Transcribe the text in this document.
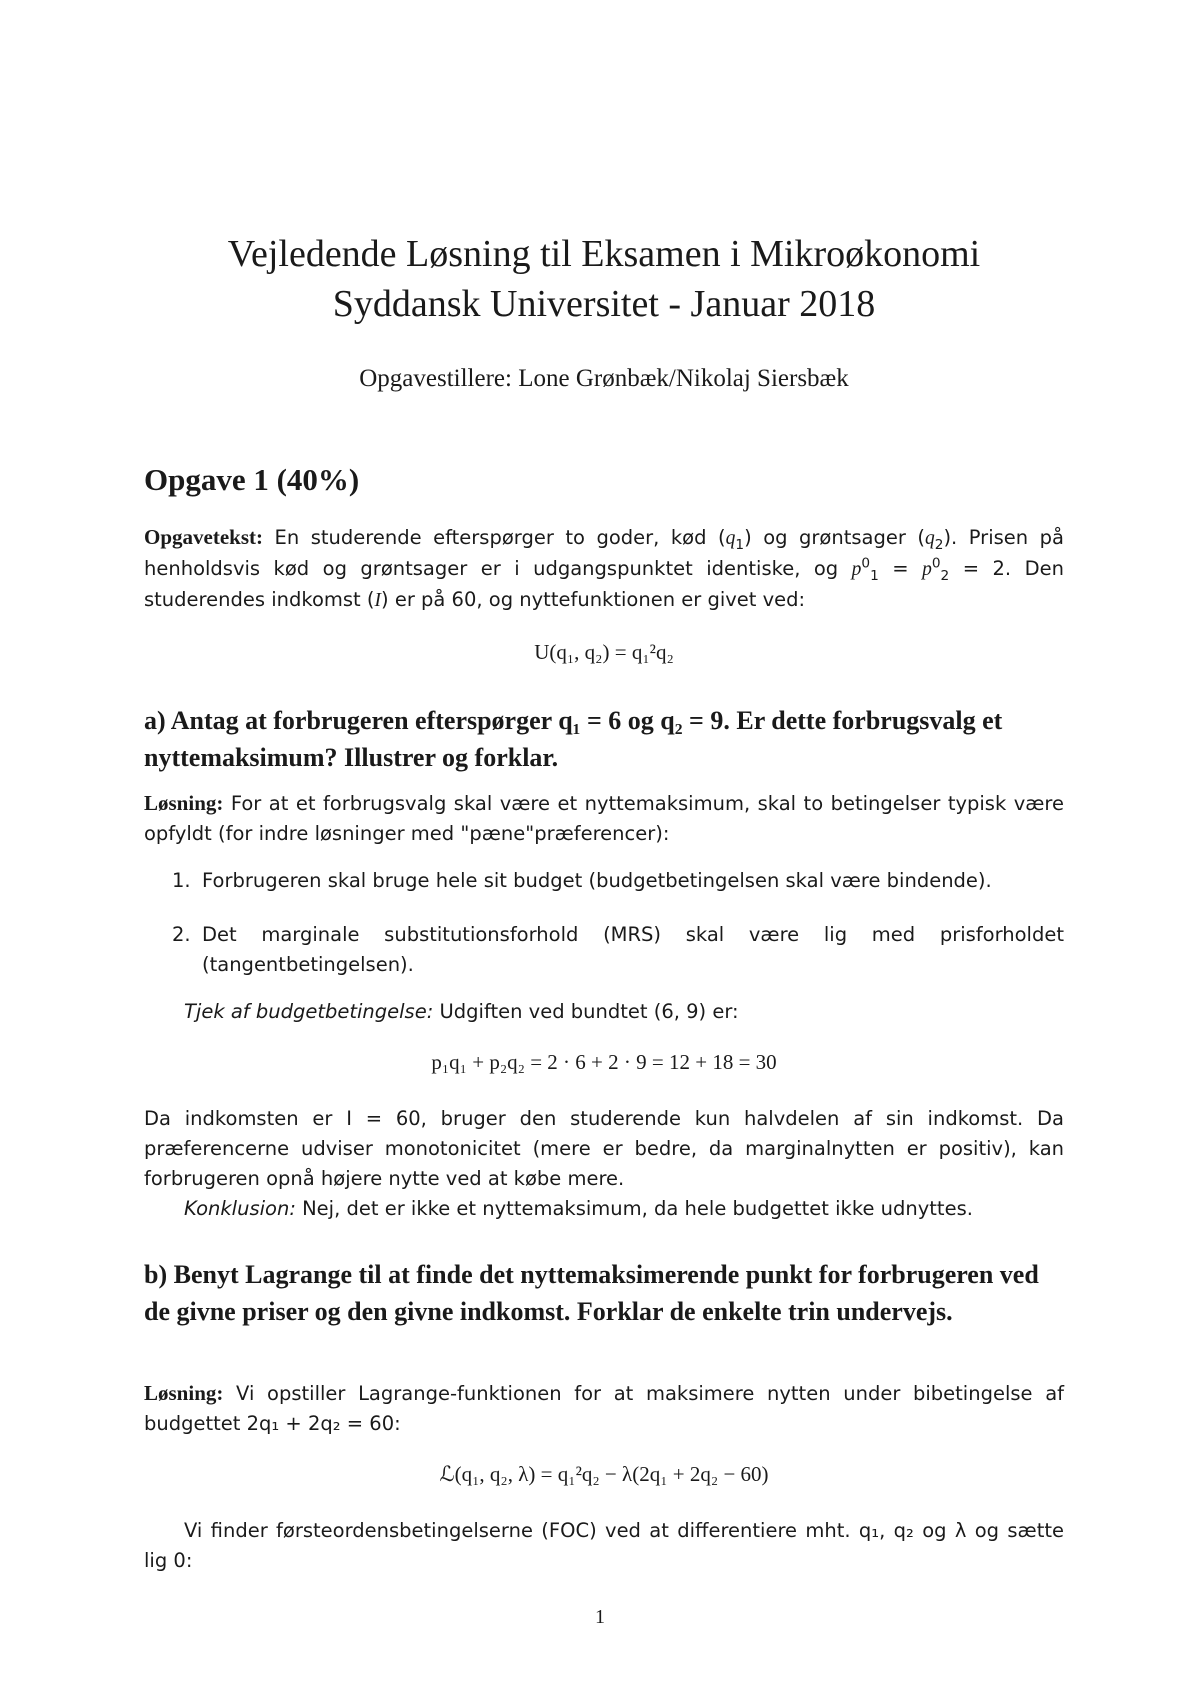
Vejledende Løsning til Eksamen i Mikroøkonomi
Syddansk Universitet - Januar 2018
Opgavestillere: Lone Grønbæk/Nikolaj Siersbæk
Opgave 1 (40%)
Opgavetekst: En studerende efterspørger to goder, kød $(q_1)$ og grøntsager $(q_2)$. Prisen på henholdsvis kød og grøntsager er i udgangspunktet identiske, og $p^0_1 = p^0_2 = 2$. Den studerendes indkomst (I) er på 60, og nyttefunktionen er givet ved:
U(q₁, q₂) = q₁²q₂
a) Antag at forbrugeren efterspørger q₁ = 6 og q₂ = 9. Er dette forbrugsvalg et nyttemaksimum? Illustrer og forklar.
Løsning: For at et forbrugsvalg skal være et nyttemaksimum, skal to betingelser typisk være opfyldt (for indre løsninger med "pæne"præferencer):
1. Forbrugeren skal bruge hele sit budget (budgetbetingelsen skal være bindende).
2. Det marginale substitutionsforhold (MRS) skal være lig med prisforholdet (tangentbetingelsen).
Tjek af budgetbetingelse: Udgiften ved bundtet (6, 9) er:
p₁q₁ + p₂q₂ = 2 · 6 + 2 · 9 = 12 + 18 = 30
Da indkomsten er I = 60, bruger den studerende kun halvdelen af sin indkomst. Da præferencerne udviser monotonicitet (mere er bedre, da marginalnytten er positiv), kan forbrugeren opnå højere nytte ved at købe mere.
Konklusion: Nej, det er ikke et nyttemaksimum, da hele budgettet ikke udnyttes.
b) Benyt Lagrange til at finde det nyttemaksimerende punkt for forbrugeren ved de givne priser og den givne indkomst. Forklar de enkelte trin undervejs.
Løsning: Vi opstiller Lagrange-funktionen for at maksimere nytten under bibetingelse af budgettet 2q₁ + 2q₂ = 60:
ℒ(q₁, q₂, λ) = q₁²q₂ − λ(2q₁ + 2q₂ − 60)
Vi finder førsteordensbetingelserne (FOC) ved at differentiere mht. q₁, q₂ og λ og sætte lig 0:
1
